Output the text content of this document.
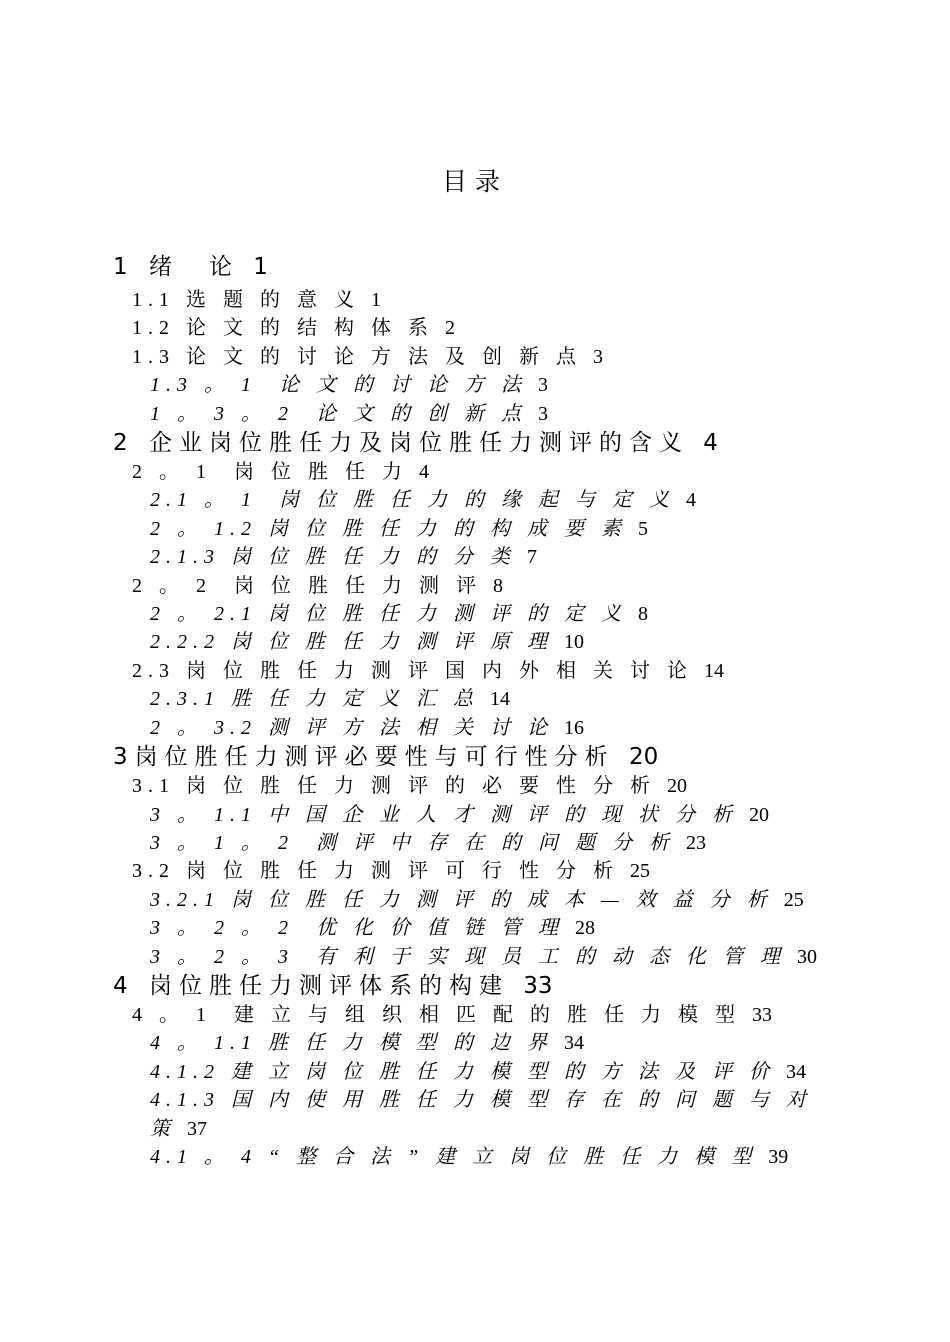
目录
1 绪　论 1
1.1 选 题 的 意 义 1
1.2 论 文 的 结 构 体 系 2
1.3 论 文 的 讨 论 方 法 及 创 新 点 3
1.3 。 1  论 文 的 讨 论 方 法 3
1 。 3 。 2  论 文 的 创 新 点 3
2 企业岗位胜任力及岗位胜任力测评的含义 4
2 。 1  岗 位 胜 任 力 4
2.1 。 1  岗 位 胜 任 力 的 缘 起 与 定 义 4
2 。 1.2 岗 位 胜 任 力 的 构 成 要 素 5
2.1.3 岗 位 胜 任 力 的 分 类 7
2 。 2  岗 位 胜 任 力 测 评 8
2 。 2.1 岗 位 胜 任 力 测 评 的 定 义 8
2.2.2 岗 位 胜 任 力 测 评 原 理 10
2.3 岗 位 胜 任 力 测 评 国 内 外 相 关 讨 论 14
2.3.1 胜 任 力 定 义 汇 总 14
2 。 3.2 测 评 方 法 相 关 讨 论 16
3岗位胜任力测评必要性与可行性分析 20
3.1 岗 位 胜 任 力 测 评 的 必 要 性 分 析 20
3 。 1.1 中 国 企 业 人 才 测 评 的 现 状 分 析 20
3 。 1 。 2  测 评 中 存 在 的 问 题 分 析 23
3.2 岗 位 胜 任 力 测 评 可 行 性 分 析 25
3.2.1 岗 位 胜 任 力 测 评 的 成 本 — 效 益 分 析 25
3 。 2 。 2  优 化 价 值 链 管 理 28
3 。 2 。 3  有 利 于 实 现 员 工 的 动 态 化 管 理 30
4 岗位胜任力测评体系的构建 33
4 。 1  建 立 与 组 织 相 匹 配 的 胜 任 力 模 型 33
4 。 1.1 胜 任 力 模 型 的 边 界 34
4.1.2 建 立 岗 位 胜 任 力 模 型 的 方 法 及 评 价 34
4.1.3 国 内 使 用 胜 任 力 模 型 存 在 的 问 题 与 对 策 37
4.1 。 4 “ 整 合 法 ” 建 立 岗 位 胜 任 力 模 型 39
